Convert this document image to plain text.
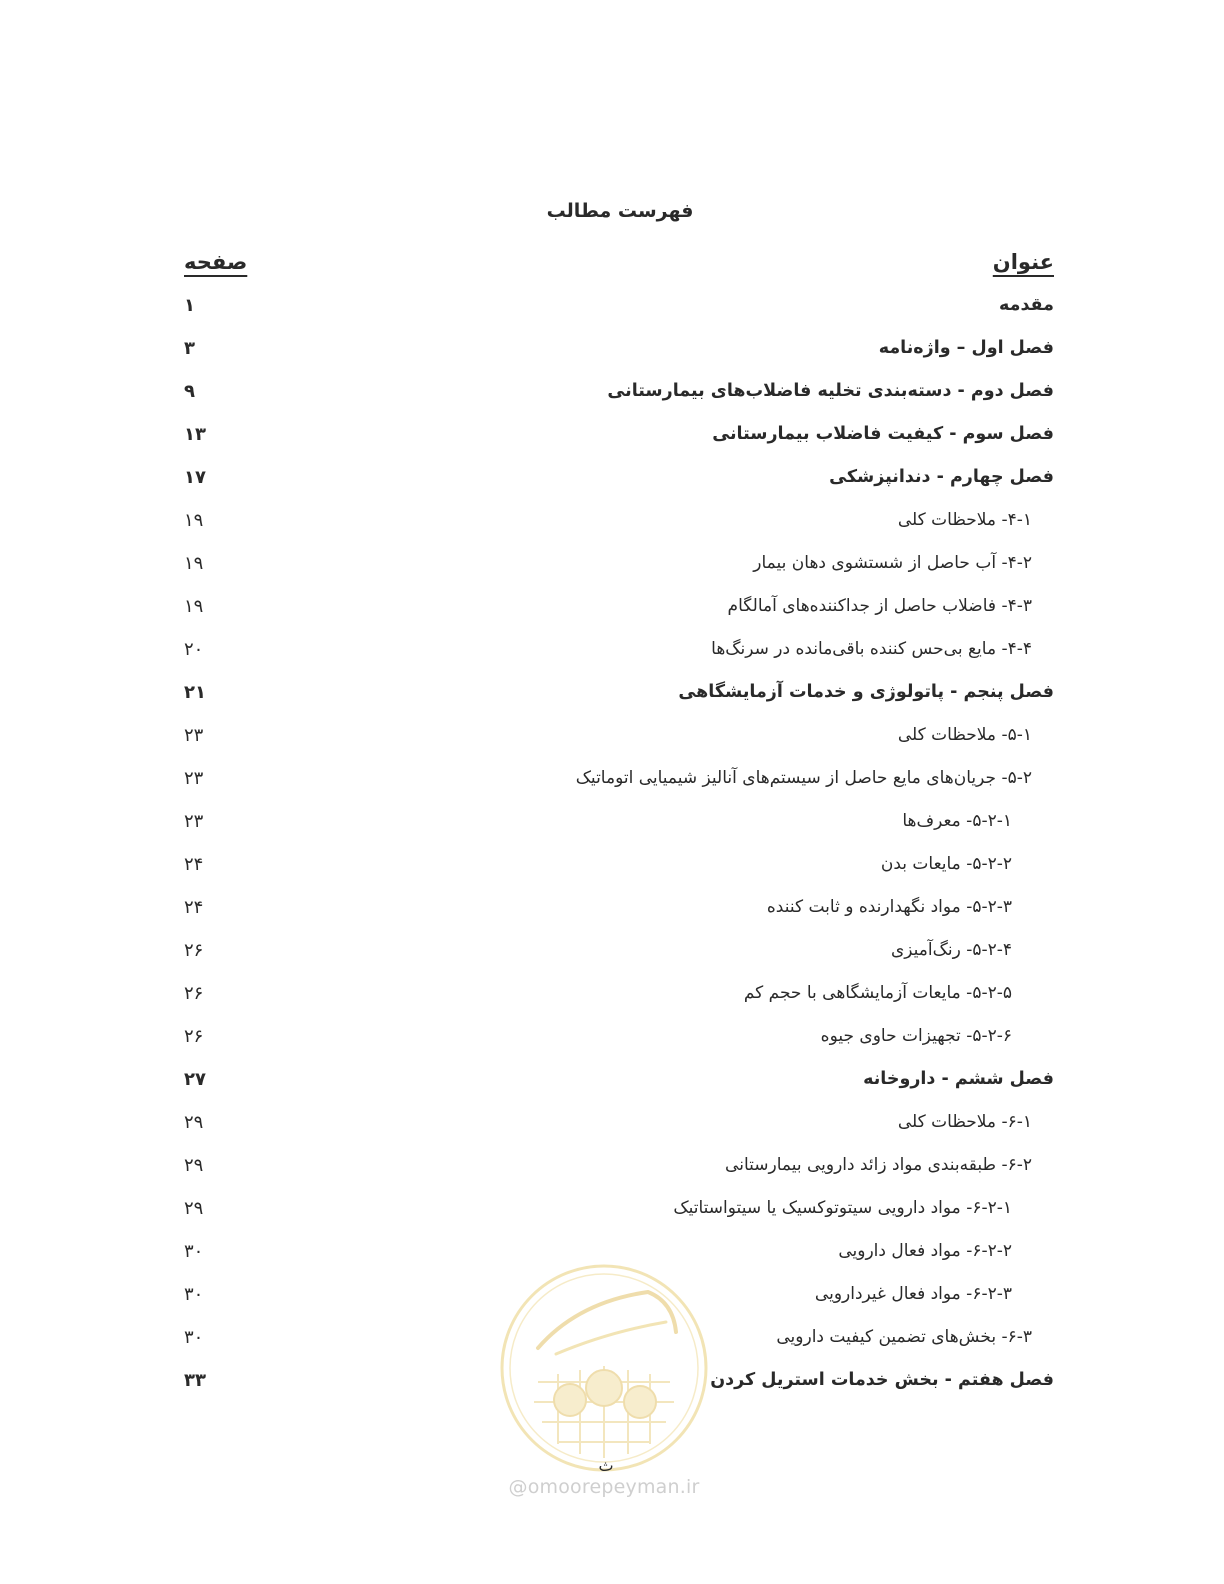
فهرست مطالب
عنوان
صفحه
مقدمه
۱
فصل اول – واژه‌نامه
۳
فصل دوم - دسته‌بندی تخلیه فاضلاب‌های بیمارستانی
۹
فصل سوم - کیفیت فاضلاب بیمارستانی
۱۳
فصل چهارم - دندانپزشکی
۱۷
۴-۱- ملاحظات کلی
۱۹
۴-۲- آب حاصل از شستشوی دهان بیمار
۱۹
۴-۳- فاضلاب حاصل از جداکننده‌های آمالگام
۱۹
۴-۴- مایع بی‌حس کننده باقی‌مانده در سرنگ‌ها
۲۰
فصل پنجم - پاتولوژی و خدمات آزمایشگاهی
۲۱
۵-۱- ملاحظات کلی
۲۳
۵-۲- جریان‌های مایع حاصل از سیستم‌های آنالیز شیمیایی اتوماتیک
۲۳
۵-۲-۱- معرف‌ها
۲۳
۵-۲-۲- مایعات بدن
۲۴
۵-۲-۳- مواد نگهدارنده و ثابت کننده
۲۴
۵-۲-۴- رنگ‌آمیزی
۲۶
۵-۲-۵- مایعات آزمایشگاهی با حجم کم
۲۶
۵-۲-۶- تجهیزات حاوی جیوه
۲۶
فصل ششم - داروخانه
۲۷
۶-۱- ملاحظات کلی
۲۹
۶-۲- طبقه‌بندی مواد زائد دارویی بیمارستانی
۲۹
۶-۲-۱- مواد دارویی سیتوتوکسیک یا سیتواستاتیک
۲۹
۶-۲-۲- مواد فعال دارویی
۳۰
۶-۲-۳- مواد فعال غیردارویی
۳۰
۶-۳- بخش‌های تضمین کیفیت دارویی
۳۰
فصل هفتم - بخش خدمات استریل کردن
۳۳
ث
@omoorepeyman.ir
